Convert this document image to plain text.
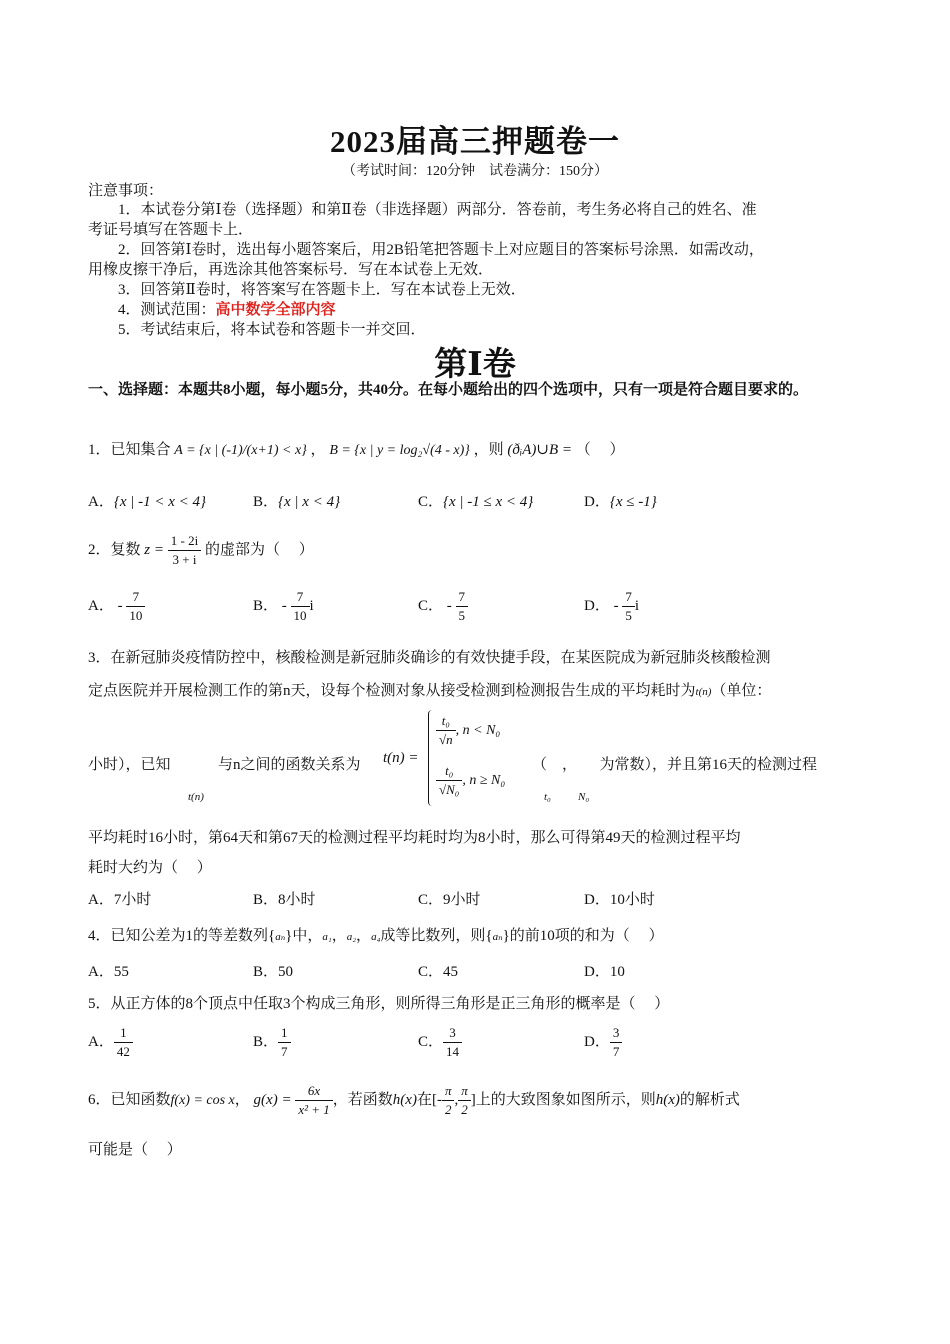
2023届高三押题卷一
（考试时间：120分钟　试卷满分：150分）
注意事项：
1．本试卷分第Ⅰ卷（选择题）和第Ⅱ卷（非选择题）两部分．答卷前，考生务必将自己的姓名、准
考证号填写在答题卡上．
2．回答第Ⅰ卷时，选出每小题答案后，用2B铅笔把答题卡上对应题目的答案标号涂黑．如需改动，
用橡皮擦干净后，再选涂其他答案标号．写在本试卷上无效．
3．回答第Ⅱ卷时，将答案写在答题卡上．写在本试卷上无效．
4．测试范围：高中数学全部内容
5．考试结束后，将本试卷和答题卡一并交回．
第Ⅰ卷
一、选择题：本题共8小题，每小题5分，共40分。在每小题给出的四个选项中，只有一项是符合题目要求的。
1．已知集合 A = {x | (-1)/(x+1) < x} ， B = {x | y = log₂√(4 - x)} ，则 (ðᵢA)∪B = （　 ）
A．{x | -1 < x < 4}	B．{x | x < 4}	C．{x | -1 ≤ x < 4}	D．{x ≤ -1}
2．复数 $z = \frac{1 - 2i}{3 + i}$ 的虚部为（　 ）
A． - $\frac{7}{10}$	B． - $\frac{7}{10}$ i	C． - $\frac{7}{5}$	D． - $\frac{7}{5}$ i
3．在新冠肺炎疫情防控中，核酸检测是新冠肺炎确诊的有效快捷手段，在某医院成为新冠肺炎核酸检测
定点医院并开展检测工作的第n天，设每个检测对象从接受检测到检测报告生成的平均耗时为t(n)（单位：
小时），已知
t(n)
与n之间的函数关系为 t(n) =
$\frac{\text{t₀}}{√n}$ , n < N₀
$\frac{\text{t₀}}{\text{√N₀}}$ , n ≥ N₀
（　，　　为常数），并且第16天的检测过程
t₀ N₀
平均耗时16小时，第64天和第67天的检测过程平均耗时均为8小时，那么可得第49天的检测过程平均
耗时大约为（　 ）
A．7小时	B．8小时	C．9小时	D．10小时
4．已知公差为1的等差数列{aₙ}中，a₁，a₂，a₄成等比数列，则{aₙ}的前10项的和为（　 ）
A．55	B．50	C．45	D．10
5．从正方体的8个顶点中任取3个构成三角形，则所得三角形是正三角形的概率是（　 ）
A． $\frac{1}{42}$	B． $\frac{1}{7}$	C． $\frac{3}{14}$	D． $\frac{3}{7}$
6．已知函数f(x) = cos x， $g(x) = \frac{6x}{\text{x² + 1}}$ ，若函数h(x)在[- $\frac{\pi}{2}$ , $\frac{\pi}{2}$ ]上的大致图象如图所示，则h(x)的解析式
可能是（　 ）
